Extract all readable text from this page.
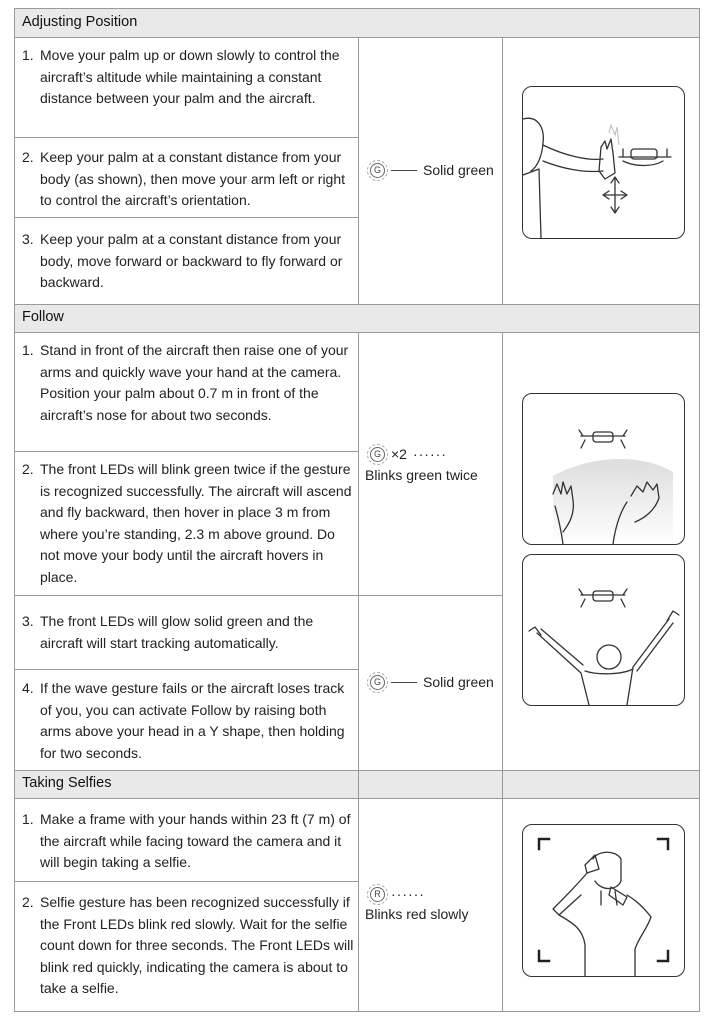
Adjusting Position
Follow
Taking Selfies
1. Move your palm up or down slowly to control the aircraft’s altitude while maintaining a constant distance between your palm and the aircraft.
2. Keep your palm at a constant distance from your body (as shown), then move your arm left or right to control the aircraft’s orientation.
3. Keep your palm at a constant distance from your body, move forward or backward to fly forward or backward.
G	Solid green
1. Stand in front of the aircraft then raise one of your arms and quickly wave your hand at the camera. Position your palm about 0.7 m in front of the aircraft’s nose for about two seconds.
2. The front LEDs will blink green twice if the gesture is recognized successfully. The aircraft will ascend and fly backward, then hover in place 3 m from where you’re standing, 2.3 m above ground. Do not move your body until the aircraft hovers in place.
3. The front LEDs will glow solid green and the aircraft will start tracking automatically.
4. If the wave gesture fails or the aircraft loses track of you, you can activate Follow by raising both arms above your head in a Y shape, then holding for two seconds.
G ×2 ······
Blinks green twice
G	Solid green
1. Make a frame with your hands within 23 ft (7 m) of the aircraft while facing toward the camera and it will begin taking a selfie.
2. Selfie gesture has been recognized successfully if the Front LEDs blink red slowly. Wait for the selfie count down for three seconds. The Front LEDs will blink red quickly, indicating the camera is about to take a selfie.
R ······
Blinks red slowly
